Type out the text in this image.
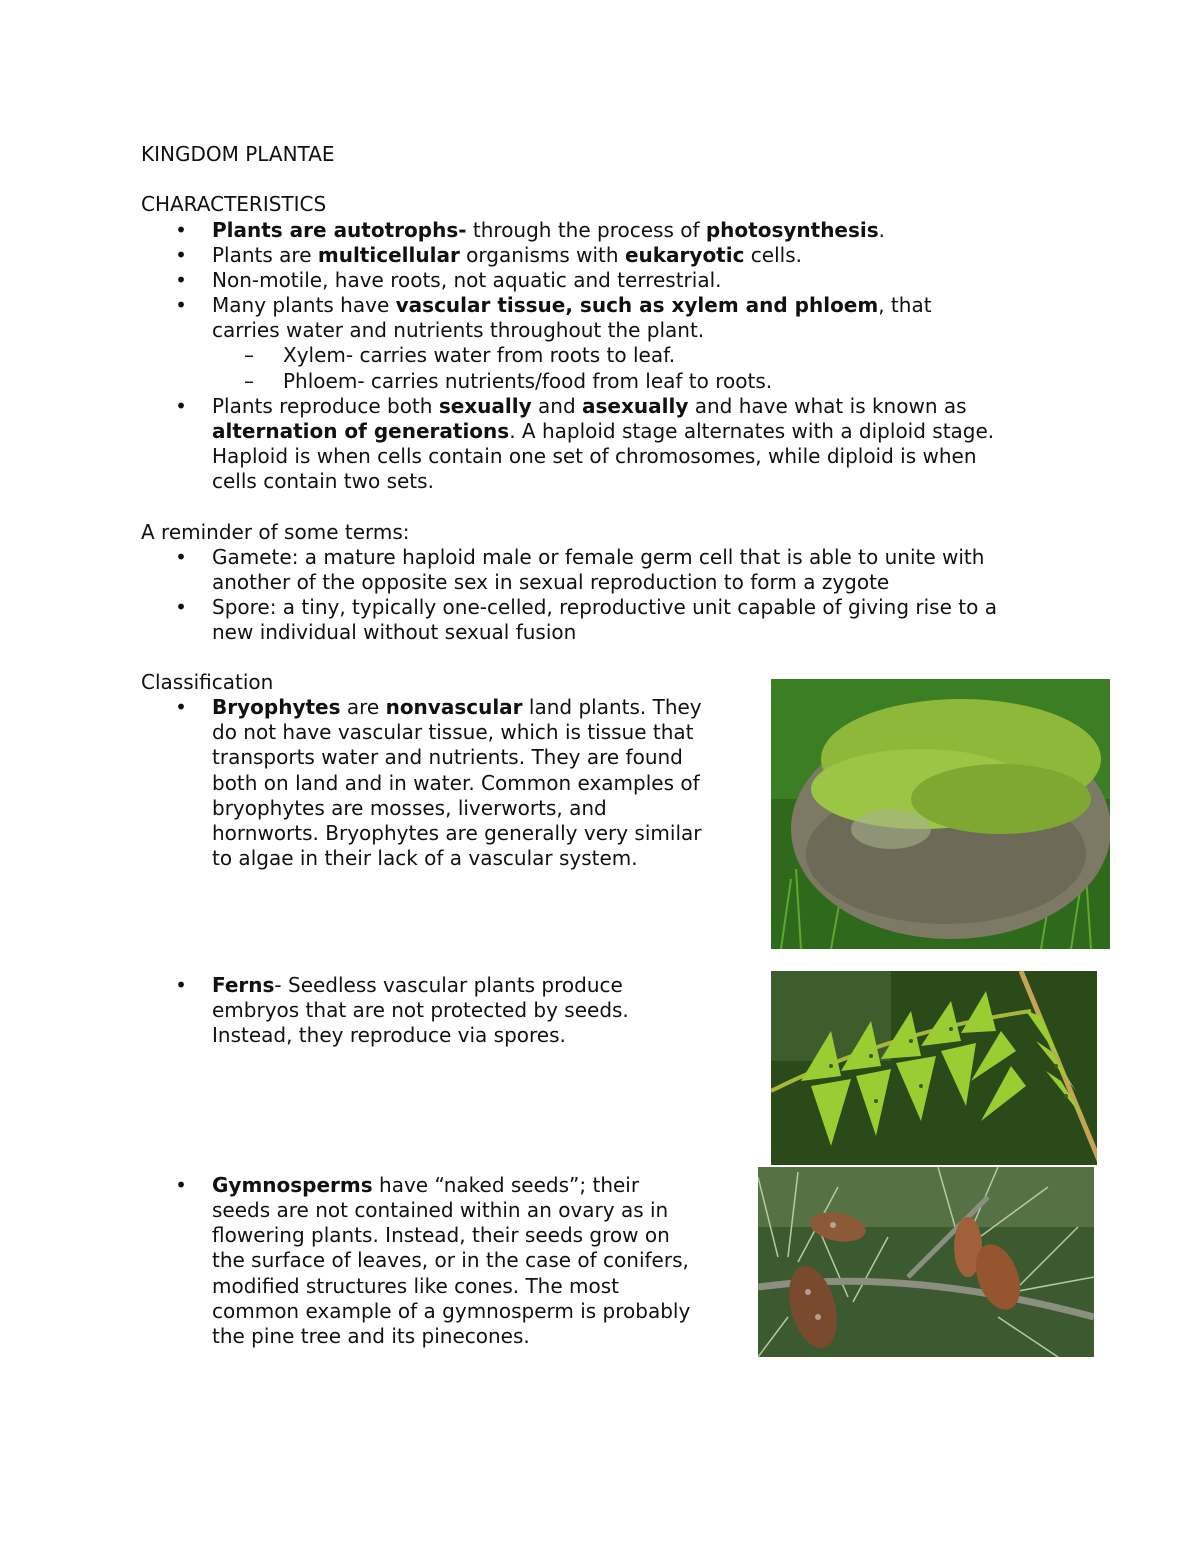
KINGDOM PLANTAE
CHARACTERISTICS
• Plants are autotrophs- through the process of photosynthesis.
• Plants are multicellular organisms with eukaryotic cells.
• Non-motile, have roots, not aquatic and terrestrial.
• Many plants have vascular tissue, such as xylem and phloem, that
carries water and nutrients throughout the plant.
– Xylem- carries water from roots to leaf.
– Phloem- carries nutrients/food from leaf to roots.
• Plants reproduce both sexually and asexually and have what is known as
alternation of generations. A haploid stage alternates with a diploid stage.
Haploid is when cells contain one set of chromosomes, while diploid is when
cells contain two sets.
A reminder of some terms:
• Gamete: a mature haploid male or female germ cell that is able to unite with
another of the opposite sex in sexual reproduction to form a zygote
• Spore: a tiny, typically one-celled, reproductive unit capable of giving rise to a
new individual without sexual fusion
Classification
• Bryophytes are nonvascular land plants. They
do not have vascular tissue, which is tissue that
transports water and nutrients. They are found
both on land and in water. Common examples of
bryophytes are mosses, liverworts, and
hornworts. Bryophytes are generally very similar
to algae in their lack of a vascular system.
• Ferns- Seedless vascular plants produce
embryos that are not protected by seeds.
Instead, they reproduce via spores.
• Gymnosperms have “naked seeds”; their
seeds are not contained within an ovary as in
flowering plants. Instead, their seeds grow on
the surface of leaves, or in the case of conifers,
modified structures like cones. The most
common example of a gymnosperm is probably
the pine tree and its pinecones.
